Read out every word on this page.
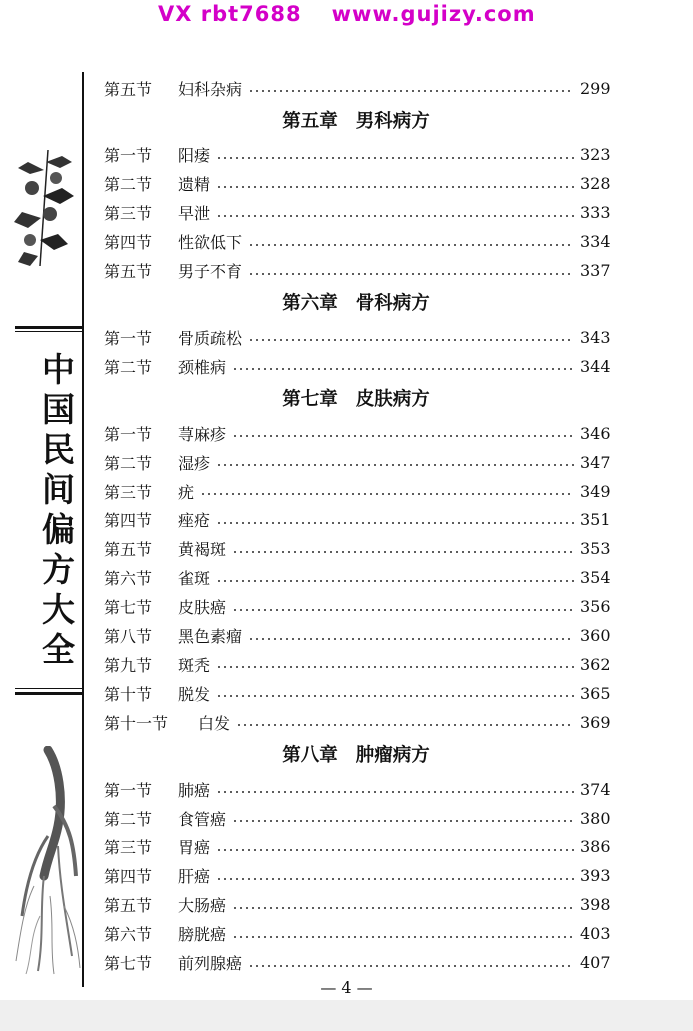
VX rbt7688 www.gujizy.com
中国民间偏方大全
第五节	妇科杂病	299
第五章 男科病方
第一节	阳痿	323
第二节	遗精	328
第三节	早泄	333
第四节	性欲低下	334
第五节	男子不育	337
第六章 骨科病方
第一节	骨质疏松	343
第二节	颈椎病	344
第七章 皮肤病方
第一节	荨麻疹	346
第二节	湿疹	347
第三节	疣	349
第四节	痤疮	351
第五节	黄褐斑	353
第六节	雀斑	354
第七节	皮肤癌	356
第八节	黑色素瘤	360
第九节	斑秃	362
第十节	脱发	365
第十一节	白发	369
第八章 肿瘤病方
第一节	肺癌	374
第二节	食管癌	380
第三节	胃癌	386
第四节	肝癌	393
第五节	大肠癌	398
第六节	膀胱癌	403
第七节	前列腺癌	407
— 4 —
